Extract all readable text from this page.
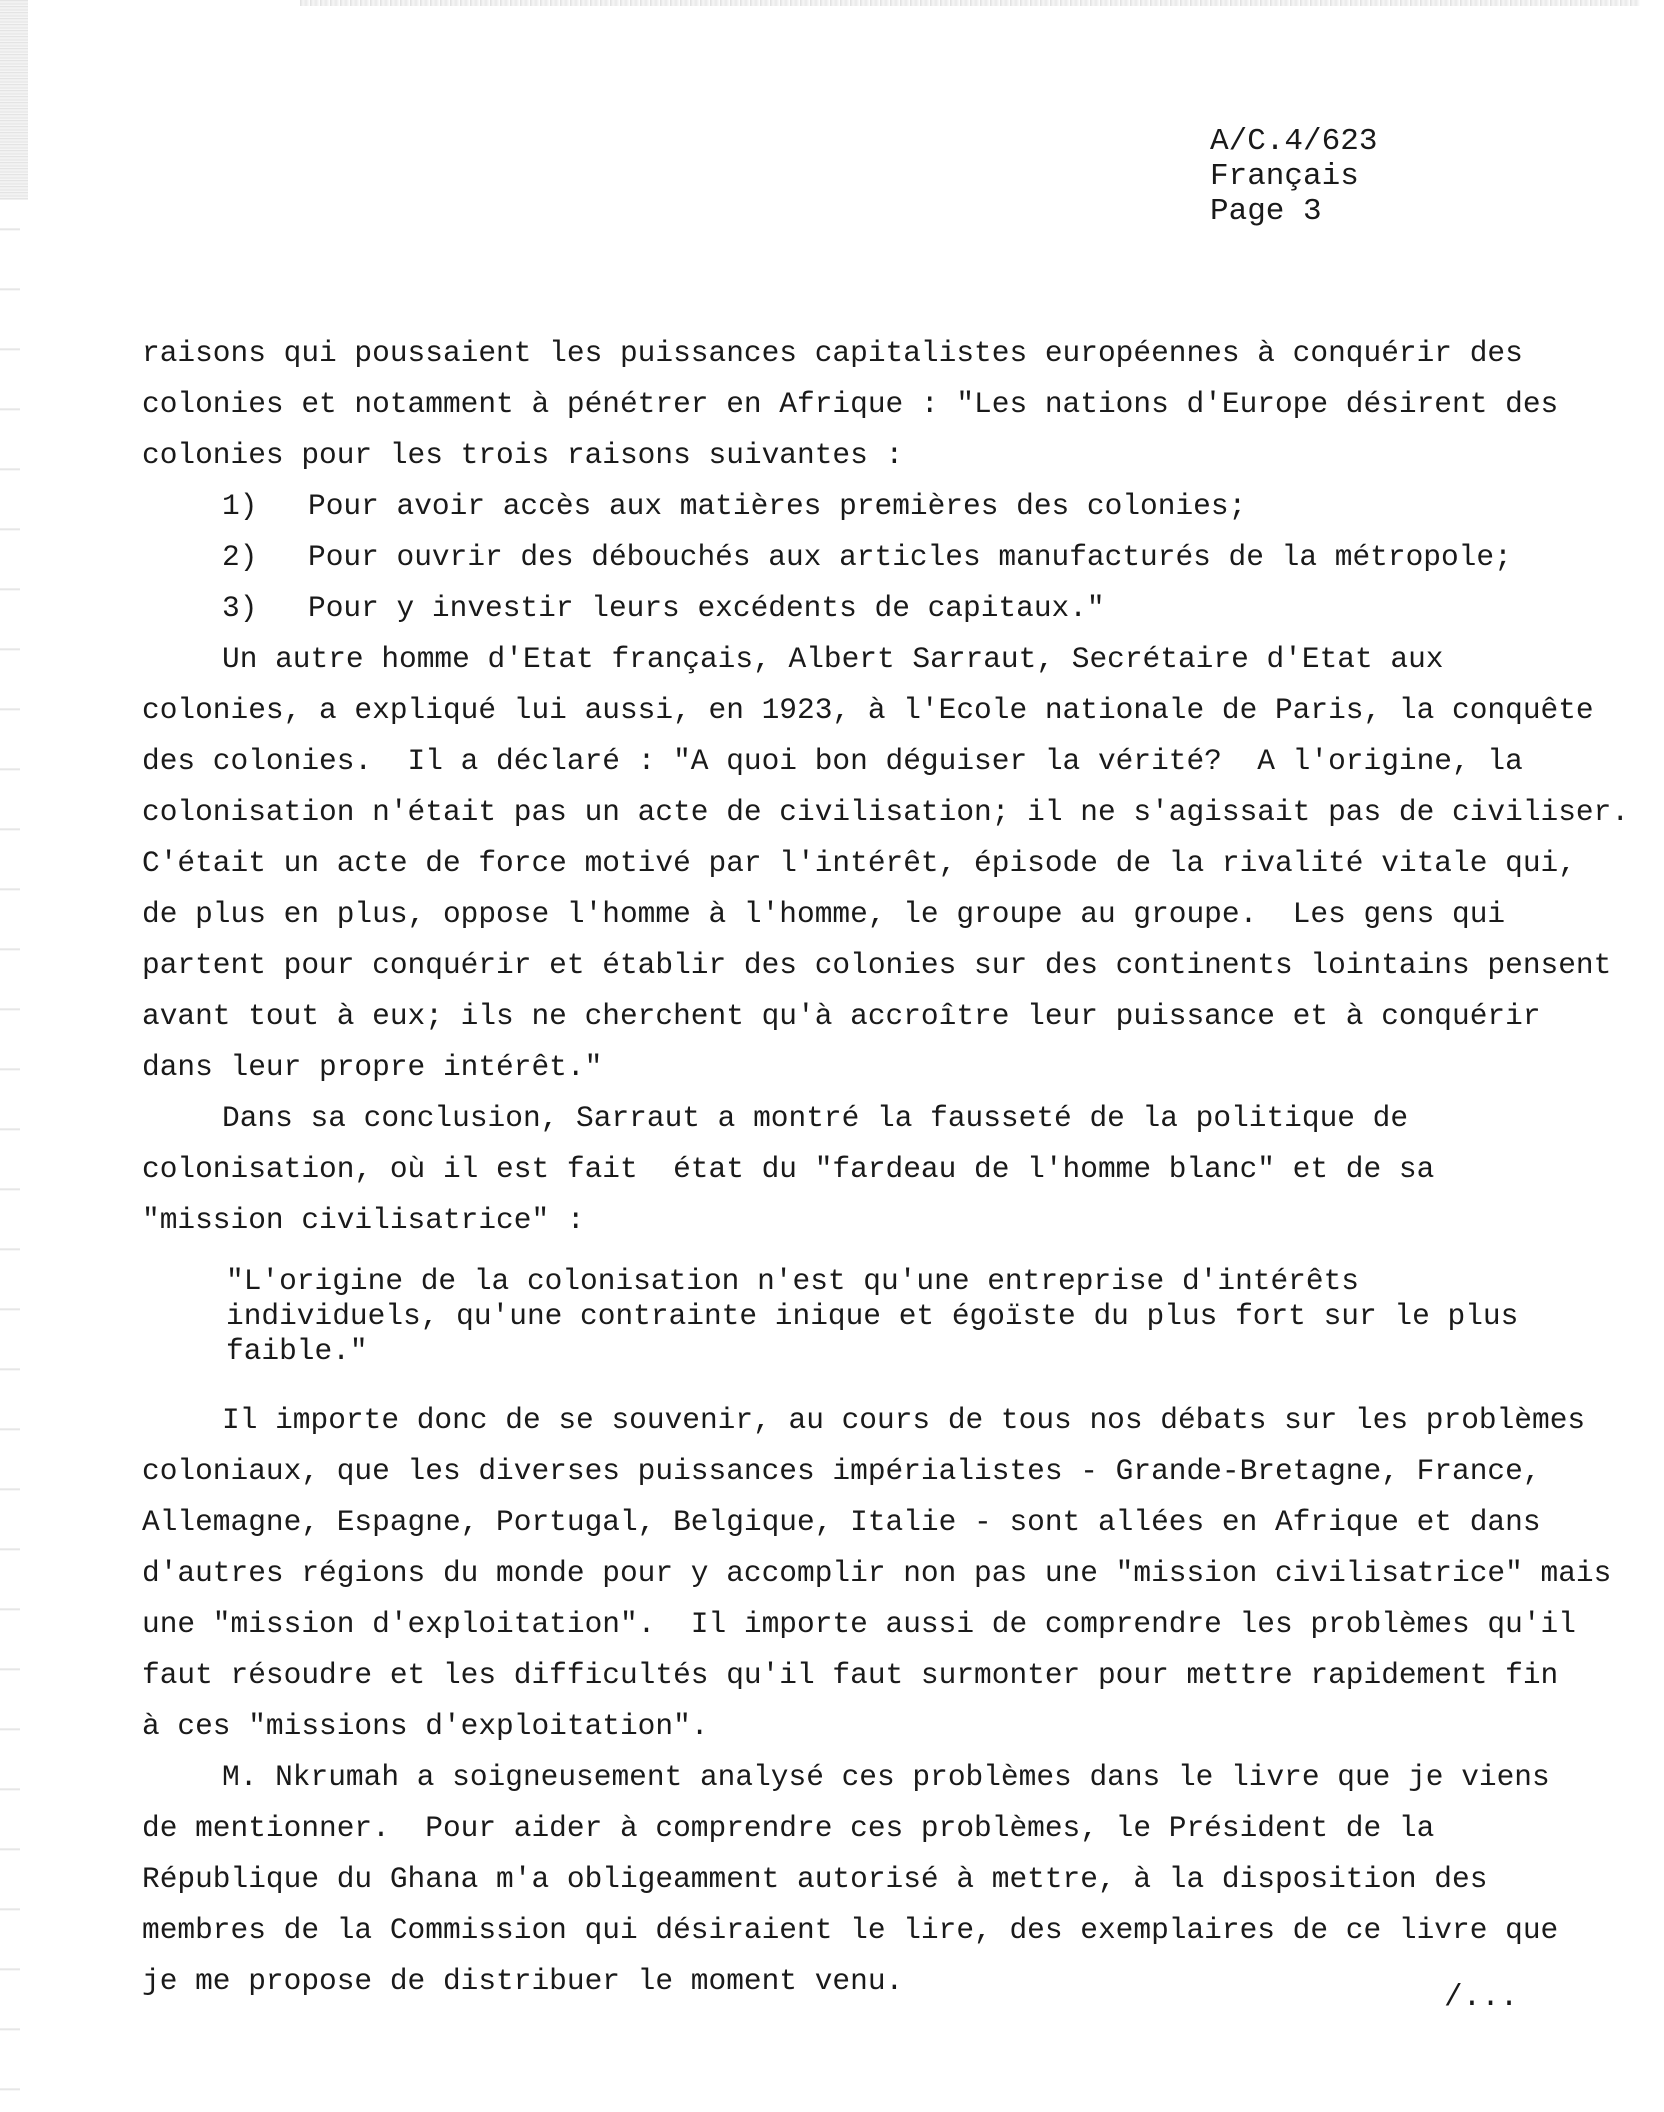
A/C.4/623
Français
Page 3
raisons qui poussaient les puissances capitalistes européennes à conquérir des
colonies et notamment à pénétrer en Afrique : "Les nations d'Europe désirent des
colonies pour les trois raisons suivantes :
1)	Pour avoir accès aux matières premières des colonies;
2)	Pour ouvrir des débouchés aux articles manufacturés de la métropole;
3)	Pour y investir leurs excédents de capitaux."
Un autre homme d'Etat français, Albert Sarraut, Secrétaire d'Etat aux
colonies, a expliqué lui aussi, en 1923, à l'Ecole nationale de Paris, la conquête
des colonies.  Il a déclaré : "A quoi bon déguiser la vérité?  A l'origine, la
colonisation n'était pas un acte de civilisation; il ne s'agissait pas de civiliser.
C'était un acte de force motivé par l'intérêt, épisode de la rivalité vitale qui,
de plus en plus, oppose l'homme à l'homme, le groupe au groupe.  Les gens qui
partent pour conquérir et établir des colonies sur des continents lointains pensent
avant tout à eux; ils ne cherchent qu'à accroître leur puissance et à conquérir
dans leur propre intérêt."
Dans sa conclusion, Sarraut a montré la fausseté de la politique de
colonisation, où il est fait  état du "fardeau de l'homme blanc" et de sa
"mission civilisatrice" :
"L'origine de la colonisation n'est qu'une entreprise d'intérêts
individuels, qu'une contrainte inique et égoïste du plus fort sur le plus
faible."
Il importe donc de se souvenir, au cours de tous nos débats sur les problèmes
coloniaux, que les diverses puissances impérialistes - Grande-Bretagne, France,
Allemagne, Espagne, Portugal, Belgique, Italie - sont allées en Afrique et dans
d'autres régions du monde pour y accomplir non pas une "mission civilisatrice" mais
une "mission d'exploitation".  Il importe aussi de comprendre les problèmes qu'il
faut résoudre et les difficultés qu'il faut surmonter pour mettre rapidement fin
à ces "missions d'exploitation".
M. Nkrumah a soigneusement analysé ces problèmes dans le livre que je viens
de mentionner.  Pour aider à comprendre ces problèmes, le Président de la
République du Ghana m'a obligeamment autorisé à mettre, à la disposition des
membres de la Commission qui désiraient le lire, des exemplaires de ce livre que
je me propose de distribuer le moment venu.	/...
